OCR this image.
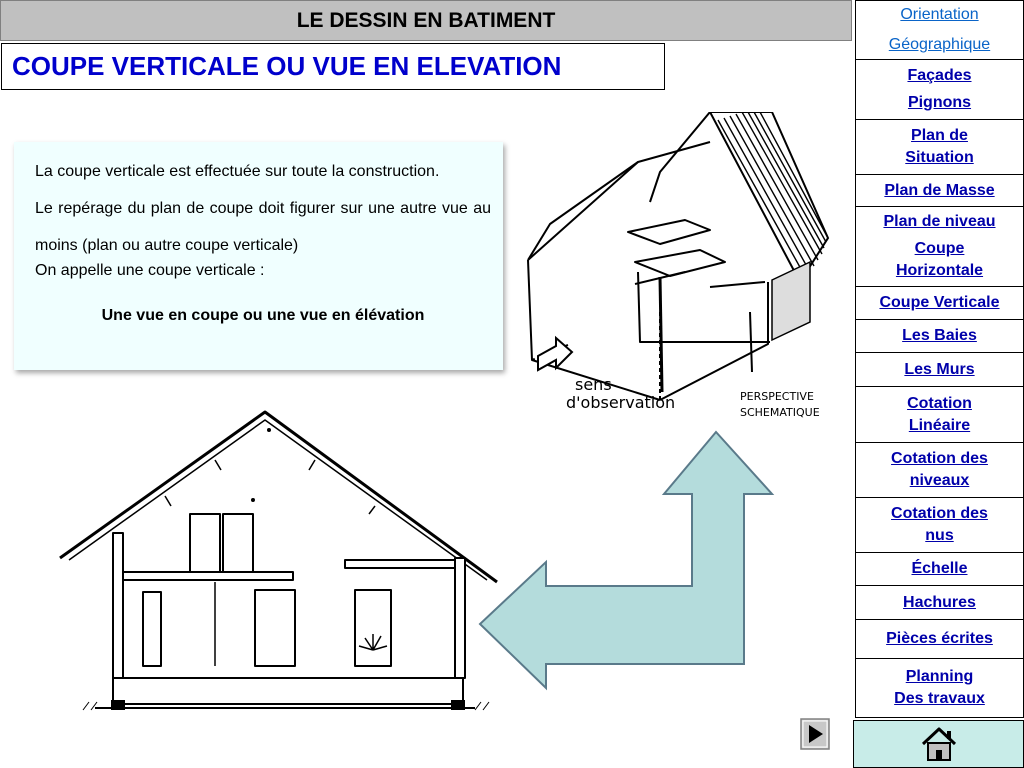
LE DESSIN EN BATIMENT
COUPE VERTICALE OU VUE EN ELEVATION

La coupe verticale est effectuée sur toute la construction.

Le repérage du plan de coupe doit figurer sur une autre vue au moins (plan ou autre coupe verticale)

On appelle une coupe verticale :

Une vue en coupe ou une vue en élévation

sens
d'observation	PERSPECTIVE
SCHEMATIQUE
Orientation
Géographique
Façades
Pignons
Plan de
Situation
Plan de Masse
Plan de niveau
Coupe
Horizontale
Coupe Verticale
Les Baies
Les Murs
Cotation
Linéaire
Cotation des
niveaux
Cotation des
nus
Échelle
Hachures
Pièces écrites
Planning
Des travaux
